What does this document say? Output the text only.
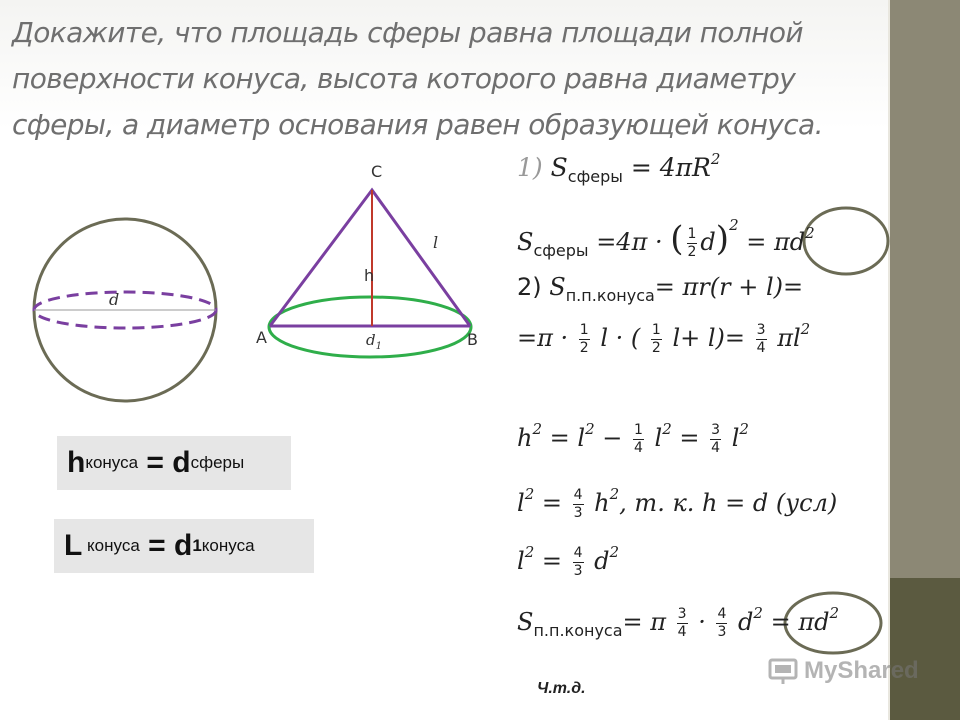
Докажите, что площадь сферы равна площади полной
поверхности конуса, высота которого равна диаметру
сферы, а диаметр основания равен образующей конуса.
d
C
A	B
h
l
$d_1$
h конуса = d сферы
L конуса = d 1 конуса
1) $S_{сферы} = 4\pi R^2$
$S_{сферы} =4\pi$ · ( $\frac{1}{2} d)^2 = \pi d^2$
2) $S_{п.п.конуса}= \pi r(r + l)=$
$=\pi \cdot \frac{1}{2}$ l · ( $\frac{1}{2} l+ l)= \frac{3}{4} \pi l^2$
$h^2 = l^2 - \frac{1}{4} l^2 = \frac{3}{4} l^2$
$l^2 = \frac{4}{3} h^2$, т. к. h = d (усл)
$l^2 = \frac{4}{3} d^2$
$S_{п.п.конуса}= \pi \frac{3}{4} \cdot \frac{4}{3} d^2 = \pi d^2$
Ч.т.д.
MyShared
